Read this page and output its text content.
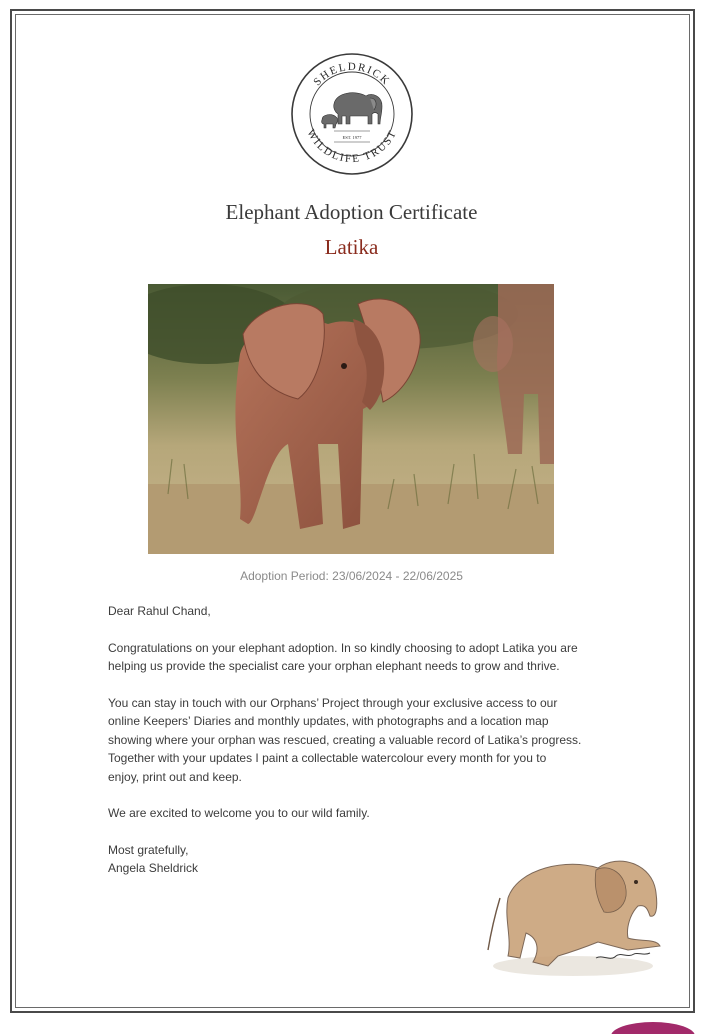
SHELDRICK
WILDLIFE TRUST
EST. 1977
Elephant Adoption Certificate
Latika
Adoption Period: 23/06/2024 - 22/06/2025

Dear Rahul Chand,

Congratulations on your elephant adoption. In so kindly choosing to adopt Latika you are
helping us provide the specialist care your orphan elephant needs to grow and thrive.

You can stay in touch with our Orphans’ Project through your exclusive access to our
online Keepers’ Diaries and monthly updates, with photographs and a location map
showing where your orphan was rescued, creating a valuable record of Latika’s progress.
Together with your updates I paint a collectable watercolour every month for you to
enjoy, print out and keep.

We are excited to welcome you to our wild family.

Most gratefully,

Angela Sheldrick
